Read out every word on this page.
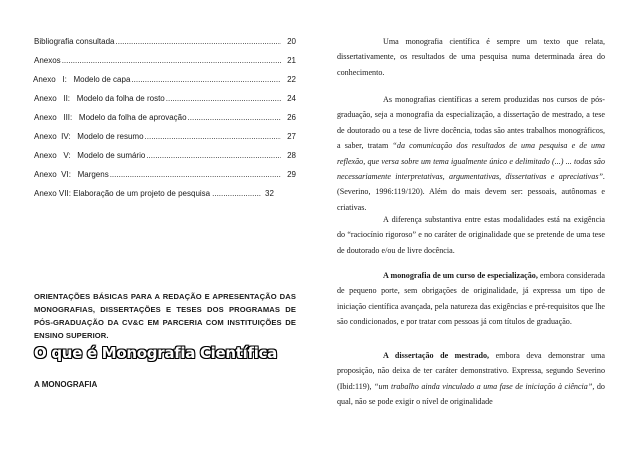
Bibliografia consultada .....	20
Anexos .....	21
Anexo   I:   Modelo de capa .....	22
Anexo   II:   Modelo da folha de rosto .....	24
Anexo   III:   Modelo da folha de aprovação .....	26
Anexo  IV:   Modelo de resumo .....	27
Anexo   V:   Modelo de sumário .....	28
Anexo  VI:   Margens .....	29
Anexo VII: Elaboração de um projeto de pesquisa ...................... 32
ORIENTAÇÕES BÁSICAS PARA A REDAÇÃO E APRESENTAÇÃO DAS MONOGRAFIAS, DISSERTAÇÕES E TESES DOS PROGRAMAS DE PÓS-GRADUAÇÃO DA CV&C EM PARCERIA COM INSTITUIÇÕES DE ENSINO SUPERIOR.
O que é Monografia Científica
A MONOGRAFIA
Uma monografia científica é sempre um texto que relata, dissertativamente, os resultados de uma pesquisa numa determinada área do conhecimento.
As monografias científicas a serem produzidas nos cursos de pós-graduação, seja a monografia da especialização, a dissertação de mestrado, a tese de doutorado ou a tese de livre docência, todas são antes trabalhos monográficos, a saber, tratam “da comunicação dos resultados de uma pesquisa e de uma reflexão, que versa sobre um tema igualmente único e delimitado (...) ... todas são necessariamente interpretativas, argumentativas, dissertativas e apreciativas”. (Severino, 1996:119/120). Além do mais devem ser: pessoais, autônomas e criativas.
A diferença substantiva entre estas modalidades está na exigência do “raciocínio rigoroso” e no caráter de originalidade que se pretende de uma tese de doutorado e/ou de livre docência.
A monografia de um curso de especialização, embora considerada de pequeno porte, sem obrigações de originalidade, já expressa um tipo de iniciação científica avançada, pela natureza das exigências e pré-requisitos que lhe são condicionados, e por tratar com pessoas já com títulos de graduação.
A dissertação de mestrado, embora deva demonstrar uma proposição, não deixa de ter caráter demonstrativo. Expressa, segundo Severino (Ibid:119), “um trabalho ainda vinculado a uma fase de iniciação à ciência”, do qual, não se pode exigir o nível de originalidade
